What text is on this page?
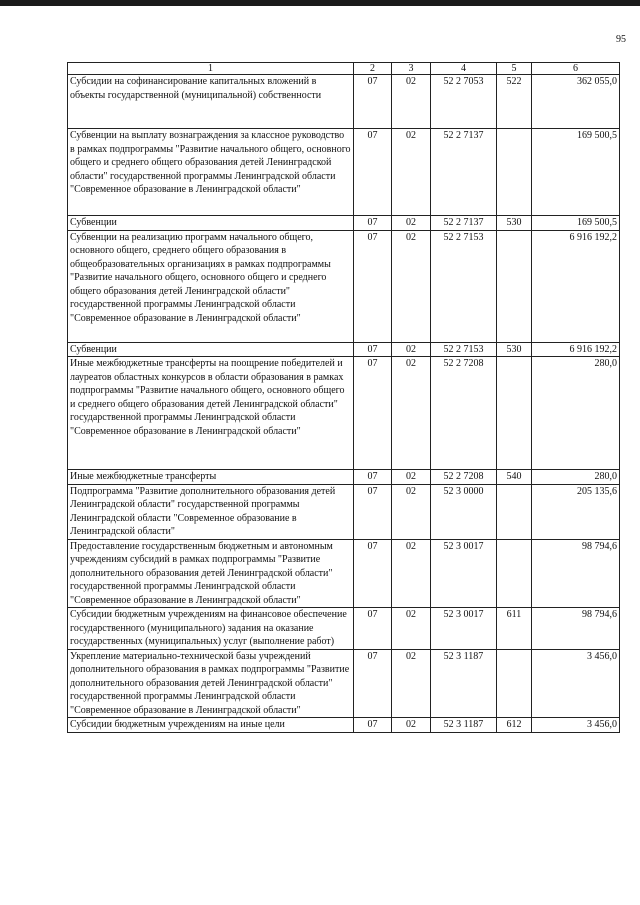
95
1	2	3	4	5	6
Субсидии на софинансирование капитальных вложений в объекты государственной (муниципальной) собственности	07	02	52 2 7053	522	362 055,0
Субвенции на выплату вознаграждения за классное руководство в рамках подпрограммы "Развитие начального общего, основного общего и среднего общего образования детей Ленинградской области" государственной программы Ленинградской области "Современное образование в Ленинградской области"	07	02	52 2 7137		169 500,5
Субвенции	07	02	52 2 7137	530	169 500,5
Субвенции на реализацию программ начального общего, основного общего, среднего общего образования в общеобразовательных организациях в рамках подпрограммы "Развитие начального общего, основного общего и среднего общего образования детей Ленинградской области" государственной программы Ленинградской области "Современное образование в Ленинградской области"	07	02	52 2 7153		6 916 192,2
Субвенции	07	02	52 2 7153	530	6 916 192,2
Иные межбюджетные трансферты на поощрение победителей и лауреатов областных конкурсов в области образования в рамках подпрограммы "Развитие начального общего, основного общего и среднего общего образования детей Ленинградской области" государственной программы Ленинградской области "Современное образование в Ленинградской области"	07	02	52 2 7208		280,0
Иные межбюджетные трансферты	07	02	52 2 7208	540	280,0
Подпрограмма "Развитие дополнительного образования детей Ленинградской области" государственной программы Ленинградской области "Современное образование в Ленинградской области"	07	02	52 3 0000		205 135,6
Предоставление государственным бюджетным и автономным учреждениям субсидий в рамках подпрограммы "Развитие дополнительного образования детей Ленинградской области" государственной программы Ленинградской области "Современное образование в Ленинградской области"	07	02	52 3 0017		98 794,6
Субсидии бюджетным учреждениям на финансовое обеспечение государственного (муниципального) задания на оказание государственных (муниципальных) услуг (выполнение работ)	07	02	52 3 0017	611	98 794,6
Укрепление материально-технической базы учреждений дополнительного образования в рамках подпрограммы "Развитие дополнительного образования детей Ленинградской области" государственной программы Ленинградской области "Современное образование в Ленинградской области"	07	02	52 3 1187		3 456,0
Субсидии бюджетным учреждениям на иные цели	07	02	52 3 1187	612	3 456,0
